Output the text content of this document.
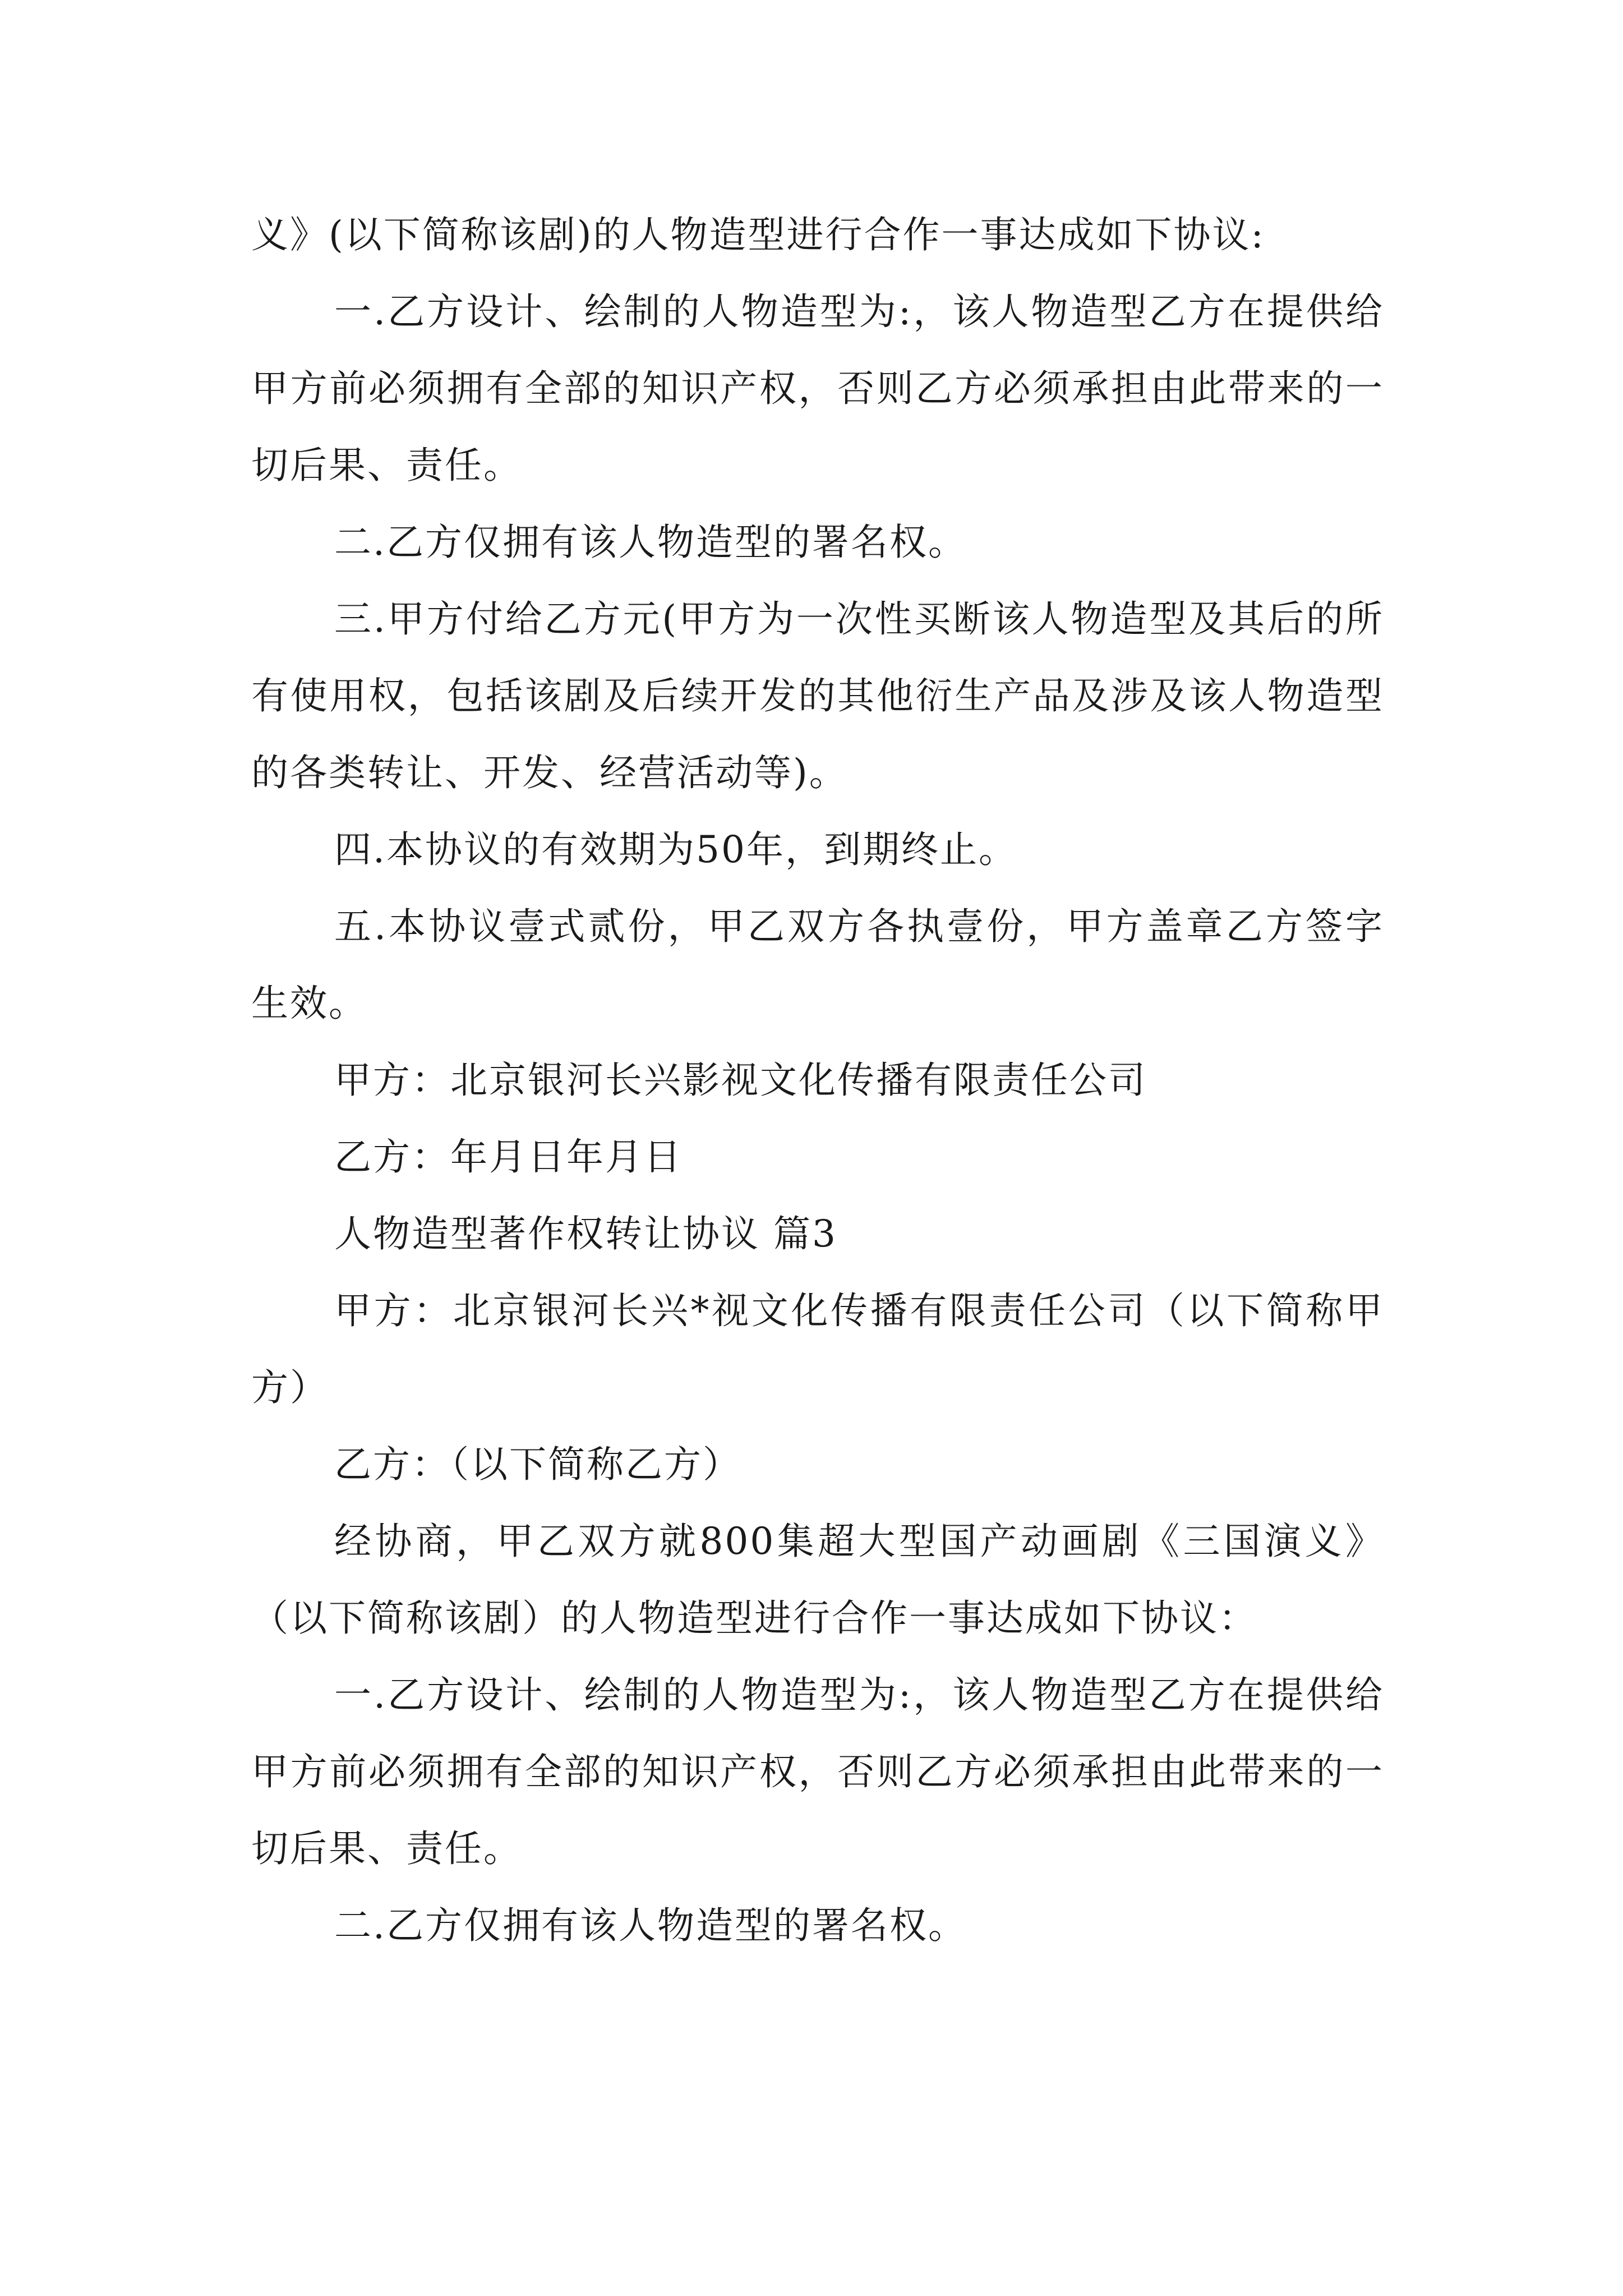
义》(以下简称该剧)的人物造型进行合作一事达成如下协议:

一.乙方设计、绘制的人物造型为:，该人物造型乙方在提供给甲方前必须拥有全部的知识产权，否则乙方必须承担由此带来的一切后果、责任。

二.乙方仅拥有该人物造型的署名权。

三.甲方付给乙方元(甲方为一次性买断该人物造型及其后的所有使用权，包括该剧及后续开发的其他衍生产品及涉及该人物造型的各类转让、开发、经营活动等)。

四.本协议的有效期为50年，到期终止。

五.本协议壹式贰份，甲乙双方各执壹份，甲方盖章乙方签字生效。

甲方：北京银河长兴影视文化传播有限责任公司

乙方：年月日年月日

人物造型著作权转让协议 篇3

甲方：北京银河长兴*视文化传播有限责任公司（以下简称甲方）

乙方：（以下简称乙方）

经协商，甲乙双方就800集超大型国产动画剧《三国演义》（以下简称该剧）的人物造型进行合作一事达成如下协议：

一.乙方设计、绘制的人物造型为:，该人物造型乙方在提供给甲方前必须拥有全部的知识产权，否则乙方必须承担由此带来的一切后果、责任。

二.乙方仅拥有该人物造型的署名权。
